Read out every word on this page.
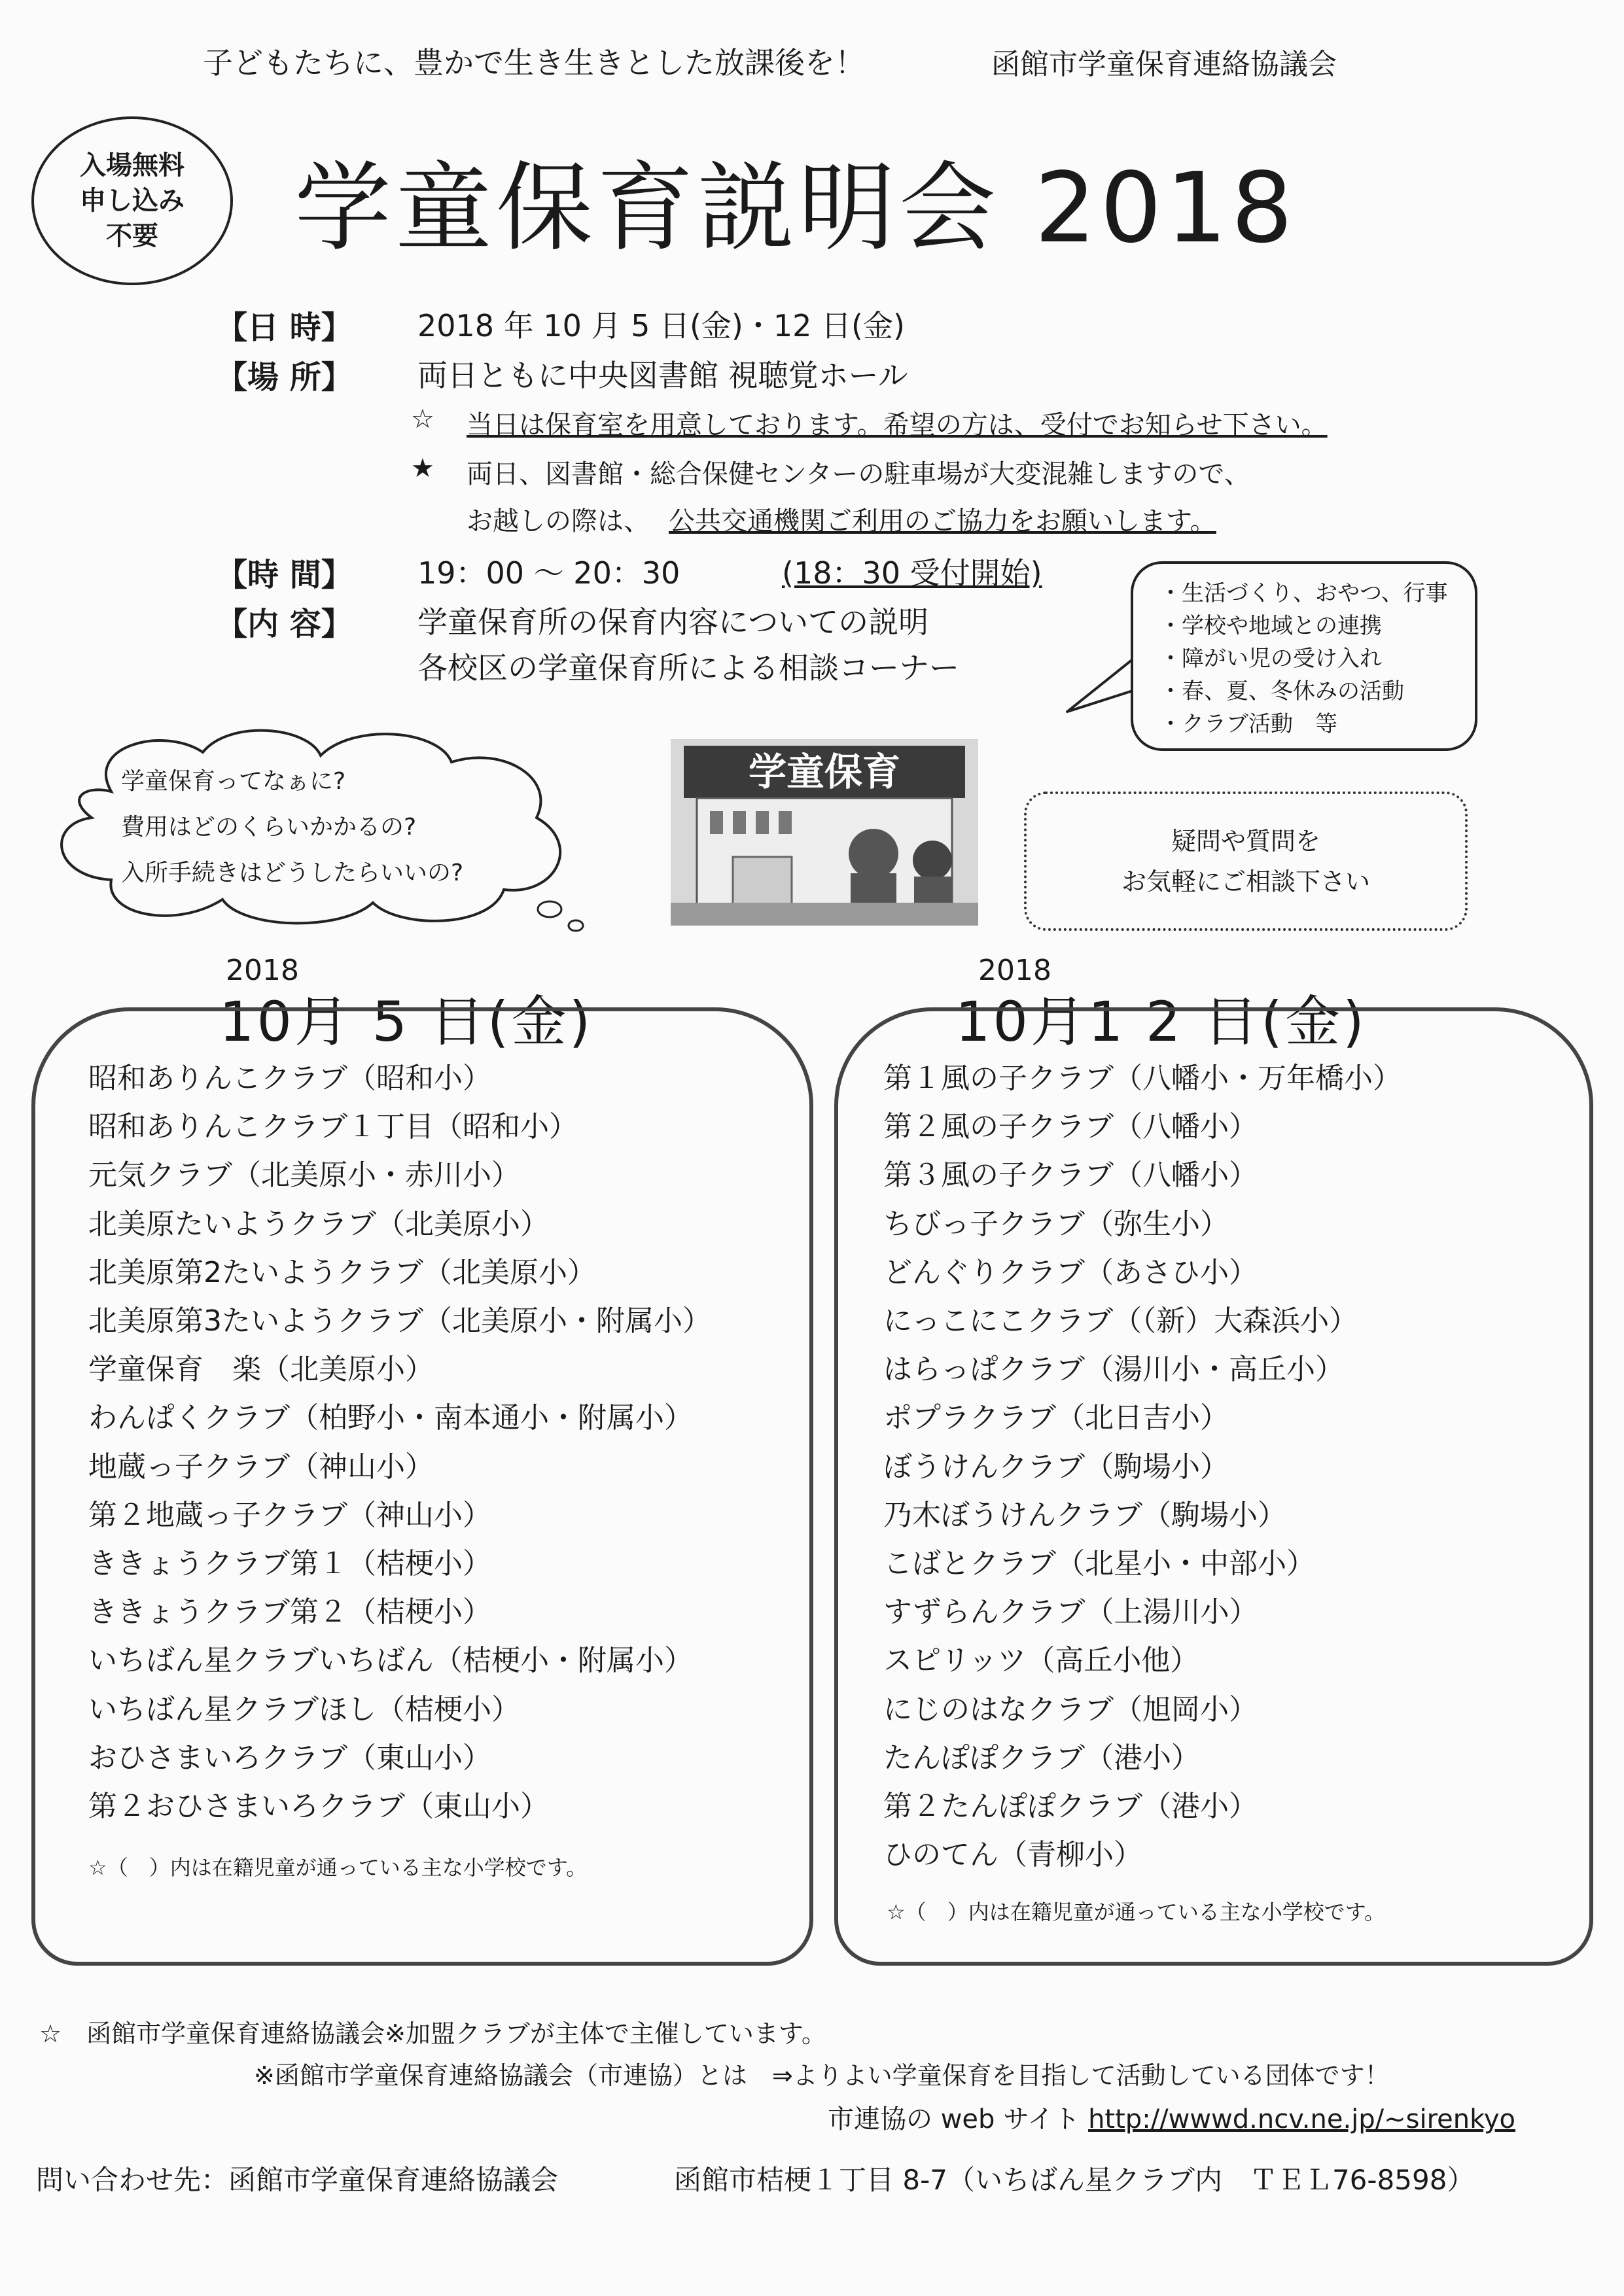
子どもたちに、豊かで生き生きとした放課後を！	函館市学童保育連絡協議会
入場無料
申し込み
不要 学童保育説明会 2018
【日 時】 2018 年 10 月 5 日(金)・12 日(金)
【場 所】 両日ともに中央図書館 視聴覚ホール
☆ 当日は保育室を用意しております。希望の方は、受付でお知らせ下さい。
★ 両日、図書館・総合保健センターの駐車場が大変混雑しますので、
お越しの際は、 公共交通機関ご利用のご協力をお願いします。
【時 間】 19：00 ～ 20：30	(18：30 受付開始)
【内 容】 学童保育所の保育内容についての説明
各校区の学童保育所による相談コーナー
・生活づくり、おやつ、行事
・学校や地域との連携
・障がい児の受け入れ
・春、夏、冬休みの活動
・クラブ活動　等
学童保育ってなぁに?
費用はどのくらいかかるの?
入所手続きはどうしたらいいの?
学童保育
疑問や質問を
お気軽にご相談下さい
2018
10月 5 日(金)
昭和ありんこクラブ（昭和小）
昭和ありんこクラブ１丁目（昭和小）
元気クラブ（北美原小・赤川小）
北美原たいようクラブ（北美原小）
北美原第2たいようクラブ（北美原小）
北美原第3たいようクラブ（北美原小・附属小）
学童保育　楽（北美原小）
わんぱくクラブ（柏野小・南本通小・附属小）
地蔵っ子クラブ（神山小）
第２地蔵っ子クラブ（神山小）
ききょうクラブ第１（桔梗小）
ききょうクラブ第２（桔梗小）
いちばん星クラブいちばん（桔梗小・附属小）
いちばん星クラブほし（桔梗小）
おひさまいろクラブ（東山小）
第２おひさまいろクラブ（東山小）
☆（　）内は在籍児童が通っている主な小学校です。
2018
10月1 2 日(金)
第１風の子クラブ（八幡小・万年橋小）
第２風の子クラブ（八幡小）
第３風の子クラブ（八幡小）
ちびっ子クラブ（弥生小）
どんぐりクラブ（あさひ小）
にっこにこクラブ（（新）大森浜小）
はらっぱクラブ（湯川小・高丘小）
ポプラクラブ（北日吉小）
ぼうけんクラブ（駒場小）
乃木ぼうけんクラブ（駒場小）
こばとクラブ（北星小・中部小）
すずらんクラブ（上湯川小）
スピリッツ（高丘小他）
にじのはなクラブ（旭岡小）
たんぽぽクラブ（港小）
第２たんぽぽクラブ（港小）
ひのてん（青柳小）
☆（　）内は在籍児童が通っている主な小学校です。
☆　函館市学童保育連絡協議会※加盟クラブが主体で主催しています。
※函館市学童保育連絡協議会（市連協）とは　⇒よりよい学童保育を目指して活動している団体です！
市連協の web サイト http://wwwd.ncv.ne.jp/~sirenkyo
問い合わせ先：函館市学童保育連絡協議会	函館市桔梗１丁目 8-7（いちばん星クラブ内　ＴＥＬ76-8598）
